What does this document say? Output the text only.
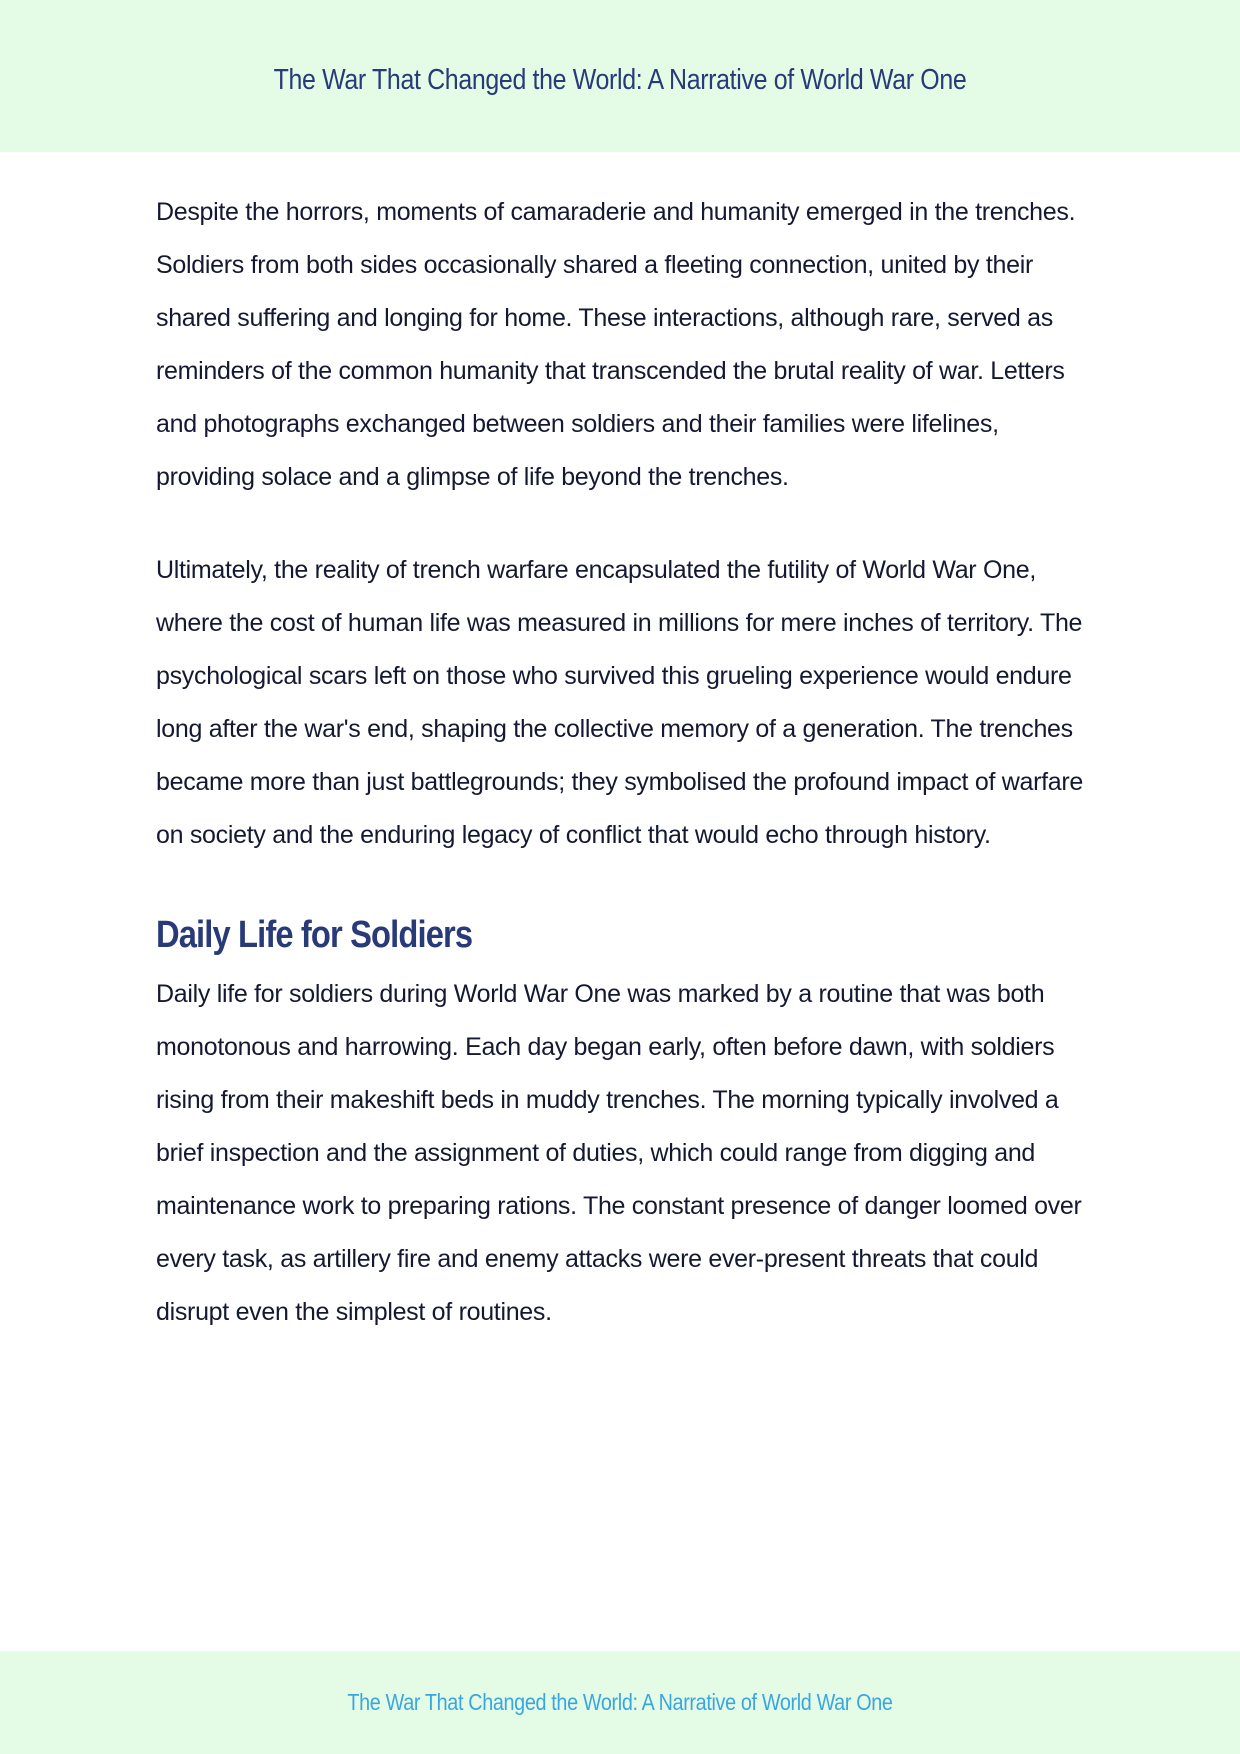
The War That Changed the World: A Narrative of World War One

Despite the horrors, moments of camaraderie and humanity emerged in the trenches. Soldiers from both sides occasionally shared a fleeting connection, united by their shared suffering and longing for home. These interactions, although rare, served as reminders of the common humanity that transcended the brutal reality of war. Letters and photographs exchanged between soldiers and their families were lifelines, providing solace and a glimpse of life beyond the trenches.

Ultimately, the reality of trench warfare encapsulated the futility of World War One, where the cost of human life was measured in millions for mere inches of territory. The psychological scars left on those who survived this grueling experience would endure long after the war's end, shaping the collective memory of a generation. The trenches became more than just battlegrounds; they symbolised the profound impact of warfare on society and the enduring legacy of conflict that would echo through history.

Daily Life for Soldiers

Daily life for soldiers during World War One was marked by a routine that was both monotonous and harrowing. Each day began early, often before dawn, with soldiers rising from their makeshift beds in muddy trenches. The morning typically involved a brief inspection and the assignment of duties, which could range from digging and maintenance work to preparing rations. The constant presence of danger loomed over every task, as artillery fire and enemy attacks were ever-present threats that could disrupt even the simplest of routines.

The War That Changed the World: A Narrative of World War One
